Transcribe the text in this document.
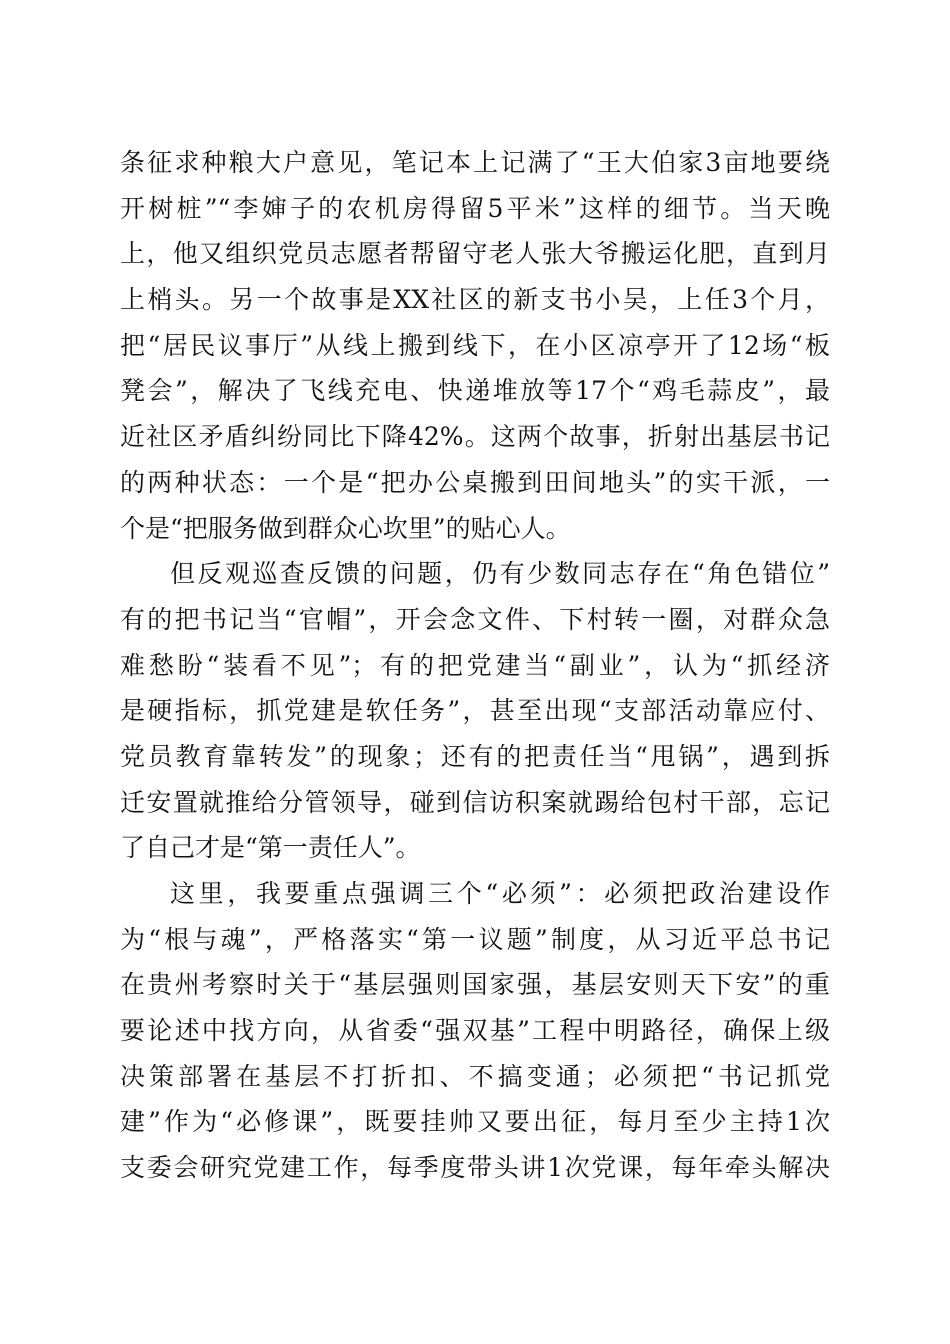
条征求种粮大户意见，笔记本上记满了“王大伯家3亩地要绕
开树桩”“李婶子的农机房得留5平米”这样的细节。当天晚
上，他又组织党员志愿者帮留守老人张大爷搬运化肥，直到月
上梢头。另一个故事是XX社区的新支书小吴，上任3个月，
把“居民议事厅”从线上搬到线下，在小区凉亭开了12场“板
凳会”，解决了飞线充电、快递堆放等17个“鸡毛蒜皮”，最
近社区矛盾纠纷同比下降42%。这两个故事，折射出基层书记
的两种状态：一个是“把办公桌搬到田间地头”的实干派，一
个是“把服务做到群众心坎里”的贴心人。
但反观巡查反馈的问题，仍有少数同志存在“角色错位”
有的把书记当“官帽”，开会念文件、下村转一圈，对群众急
难愁盼“装看不见”；有的把党建当“副业”，认为“抓经济
是硬指标，抓党建是软任务”，甚至出现“支部活动靠应付、
党员教育靠转发”的现象；还有的把责任当“甩锅”，遇到拆
迁安置就推给分管领导，碰到信访积案就踢给包村干部，忘记
了自己才是“第一责任人”。
这里，我要重点强调三个“必须”：必须把政治建设作
为“根与魂”，严格落实“第一议题”制度，从习近平总书记
在贵州考察时关于“基层强则国家强，基层安则天下安”的重
要论述中找方向，从省委“强双基”工程中明路径，确保上级
决策部署在基层不打折扣、不搞变通；必须把“书记抓党
建”作为“必修课”，既要挂帅又要出征，每月至少主持1次
支委会研究党建工作，每季度带头讲1次党课，每年牵头解决
